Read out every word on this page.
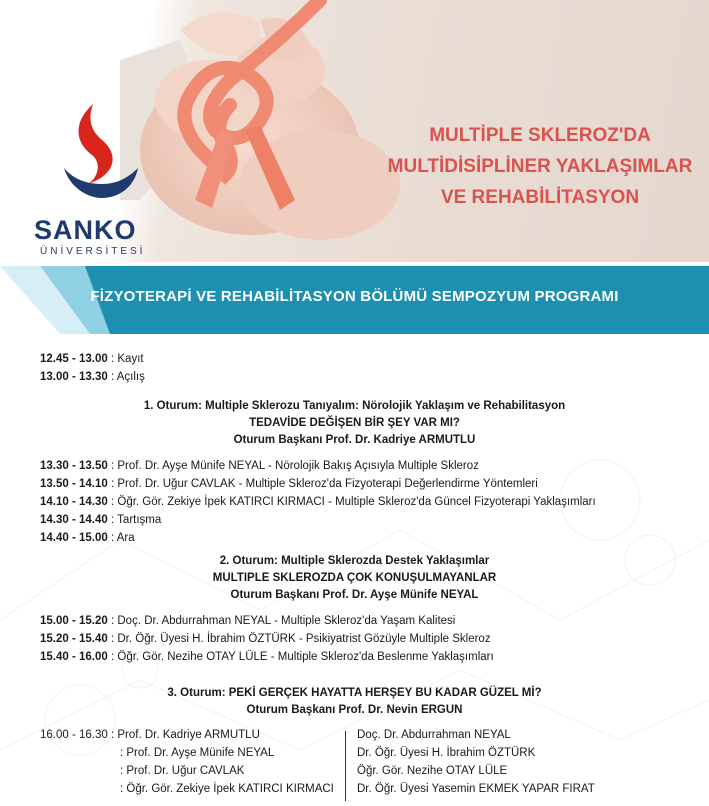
SANKO
ÜNİVERSİTESİ
MULTİPLE SKLEROZ'DA
MULTİDİSİPLİNER YAKLAŞIMLAR
VE REHABİLİTASYON
FİZYOTERAPİ VE REHABİLİTASYON BÖLÜMÜ SEMPOZYUM PROGRAMI
12.45 - 13.00 : Kayıt
13.00 - 13.30 : Açılış
1. Oturum: Multiple Sklerozu Tanıyalım: Nörolojik Yaklaşım ve Rehabilitasyon
TEDAVİDE DEĞİŞEN BİR ŞEY VAR MI?
Oturum Başkanı Prof. Dr. Kadriye ARMUTLU
13.30 - 13.50 : Prof. Dr. Ayşe Münife NEYAL - Nörolojik Bakış Açısıyla Multiple Skleroz
13.50 - 14.10 : Prof. Dr. Uğur CAVLAK - Multiple Skleroz'da Fizyoterapi Değerlendirme Yöntemleri
14.10 - 14.30 : Öğr. Gör. Zekiye İpek KATIRCI KIRMACI - Multiple Skleroz'da Güncel Fizyoterapi Yaklaşımları
14.30 - 14.40 : Tartışma
14.40 - 15.00 : Ara
2. Oturum: Multiple Sklerozda Destek Yaklaşımlar
MULTIPLE SKLEROZDA ÇOK KONUŞULMAYANLAR
Oturum Başkanı Prof. Dr. Ayşe Münife NEYAL
15.00 - 15.20 : Doç. Dr. Abdurrahman NEYAL - Multiple Skleroz'da Yaşam Kalitesi
15.20 - 15.40 : Dr. Öğr. Üyesi H. İbrahim ÖZTÜRK - Psikiyatrist Gözüyle Multiple Skleroz
15.40 - 16.00 : Öğr. Gör. Nezihe OTAY LÜLE - Multiple Skleroz'da Beslenme Yaklaşımları
3. Oturum: PEKİ GERÇEK HAYATTA HERŞEY BU KADAR GÜZEL Mİ?
Oturum Başkanı Prof. Dr. Nevin ERGUN
16.00 - 16.30 : Prof. Dr. Kadriye ARMUTLU
: Prof. Dr. Ayşe Münife NEYAL
: Prof. Dr. Uğur CAVLAK
: Öğr. Gör. Zekiye İpek KATIRCI KIRMACI
Doç. Dr. Abdurrahman NEYAL
Dr. Öğr. Üyesi H. İbrahim ÖZTÜRK
Öğr. Gör. Nezihe OTAY LÜLE
Dr. Öğr. Üyesi Yasemin EKMEK YAPAR FIRAT
